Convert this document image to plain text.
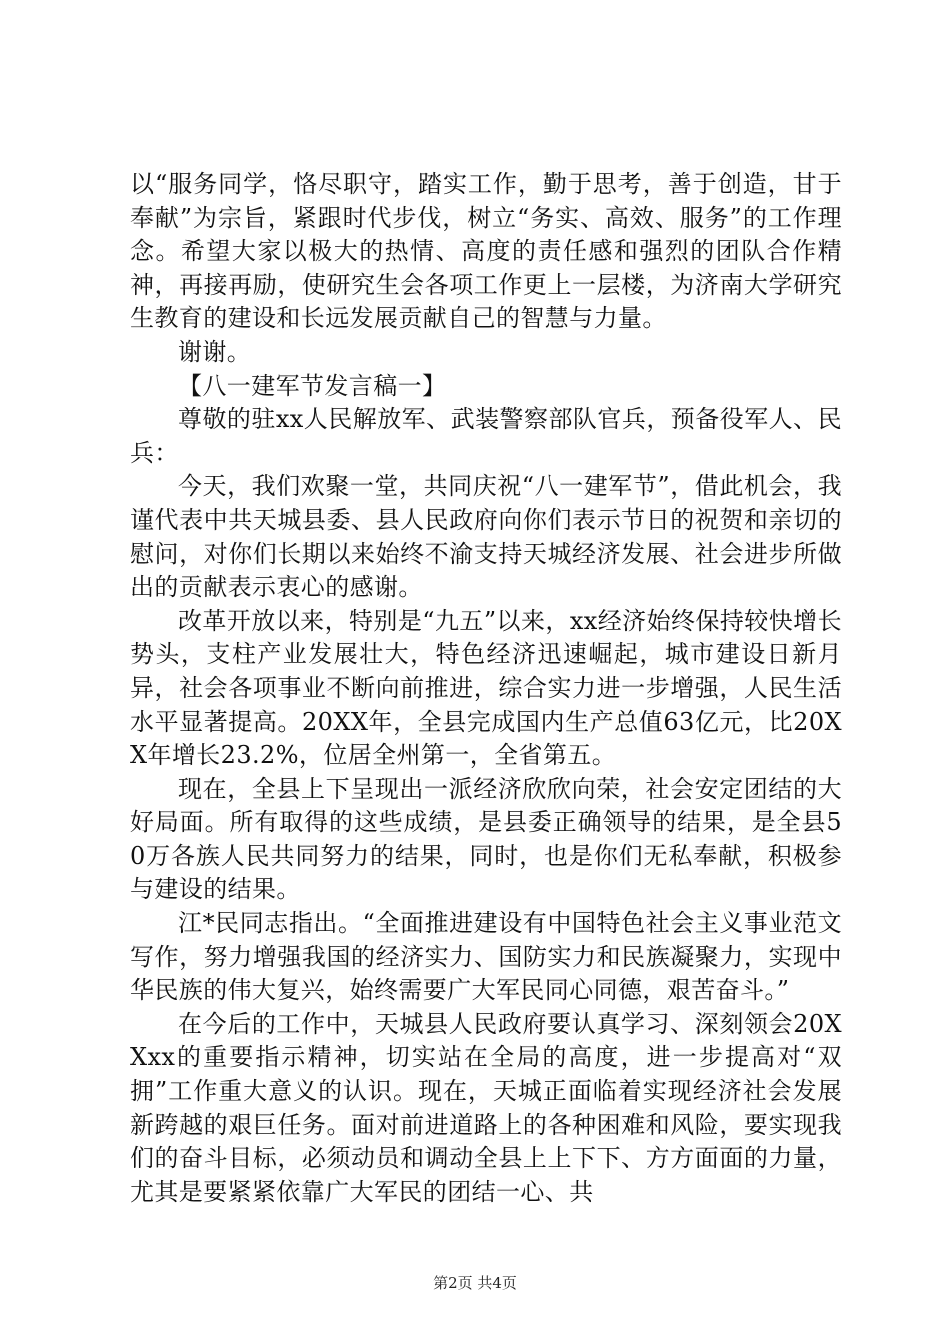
以“服务同学，恪尽职守，踏实工作，勤于思考，善于创造，甘于奉献”为宗旨，紧跟时代步伐，树立“务实、高效、服务”的工作理念。希望大家以极大的热情、高度的责任感和强烈的团队合作精神，再接再励，使研究生会各项工作更上一层楼，为济南大学研究生教育的建设和长远发展贡献自己的智慧与力量。

谢谢。

【八一建军节发言稿一】

尊敬的驻xx人民解放军、武装警察部队官兵，预备役军人、民兵：

今天，我们欢聚一堂，共同庆祝“八一建军节”，借此机会，我谨代表中共天城县委、县人民政府向你们表示节日的祝贺和亲切的慰问，对你们长期以来始终不渝支持天城经济发展、社会进步所做出的贡献表示衷心的感谢。

改革开放以来，特别是“九五”以来，xx经济始终保持较快增长势头，支柱产业发展壮大，特色经济迅速崛起，城市建设日新月异，社会各项事业不断向前推进，综合实力进一步增强，人民生活水平显著提高。20XX年，全县完成国内生产总值63亿元，比20XX年增长23.2%，位居全州第一，全省第五。

现在，全县上下呈现出一派经济欣欣向荣，社会安定团结的大好局面。所有取得的这些成绩，是县委正确领导的结果，是全县50万各族人民共同努力的结果，同时，也是你们无私奉献，积极参与建设的结果。

江*民同志指出。“全面推进建设有中国特色社会主义事业范文写作，努力增强我国的经济实力、国防实力和民族凝聚力，实现中华民族的伟大复兴，始终需要广大军民同心同德，艰苦奋斗。”

在今后的工作中，天城县人民政府要认真学习、深刻领会20XXxx的重要指示精神，切实站在全局的高度，进一步提高对“双拥”工作重大意义的认识。现在，天城正面临着实现经济社会发展新跨越的艰巨任务。面对前进道路上的各种困难和风险，要实现我们的奋斗目标，必须动员和调动全县上上下下、方方面面的力量，尤其是要紧紧依靠广大军民的团结一心、共

第2页 共4页
